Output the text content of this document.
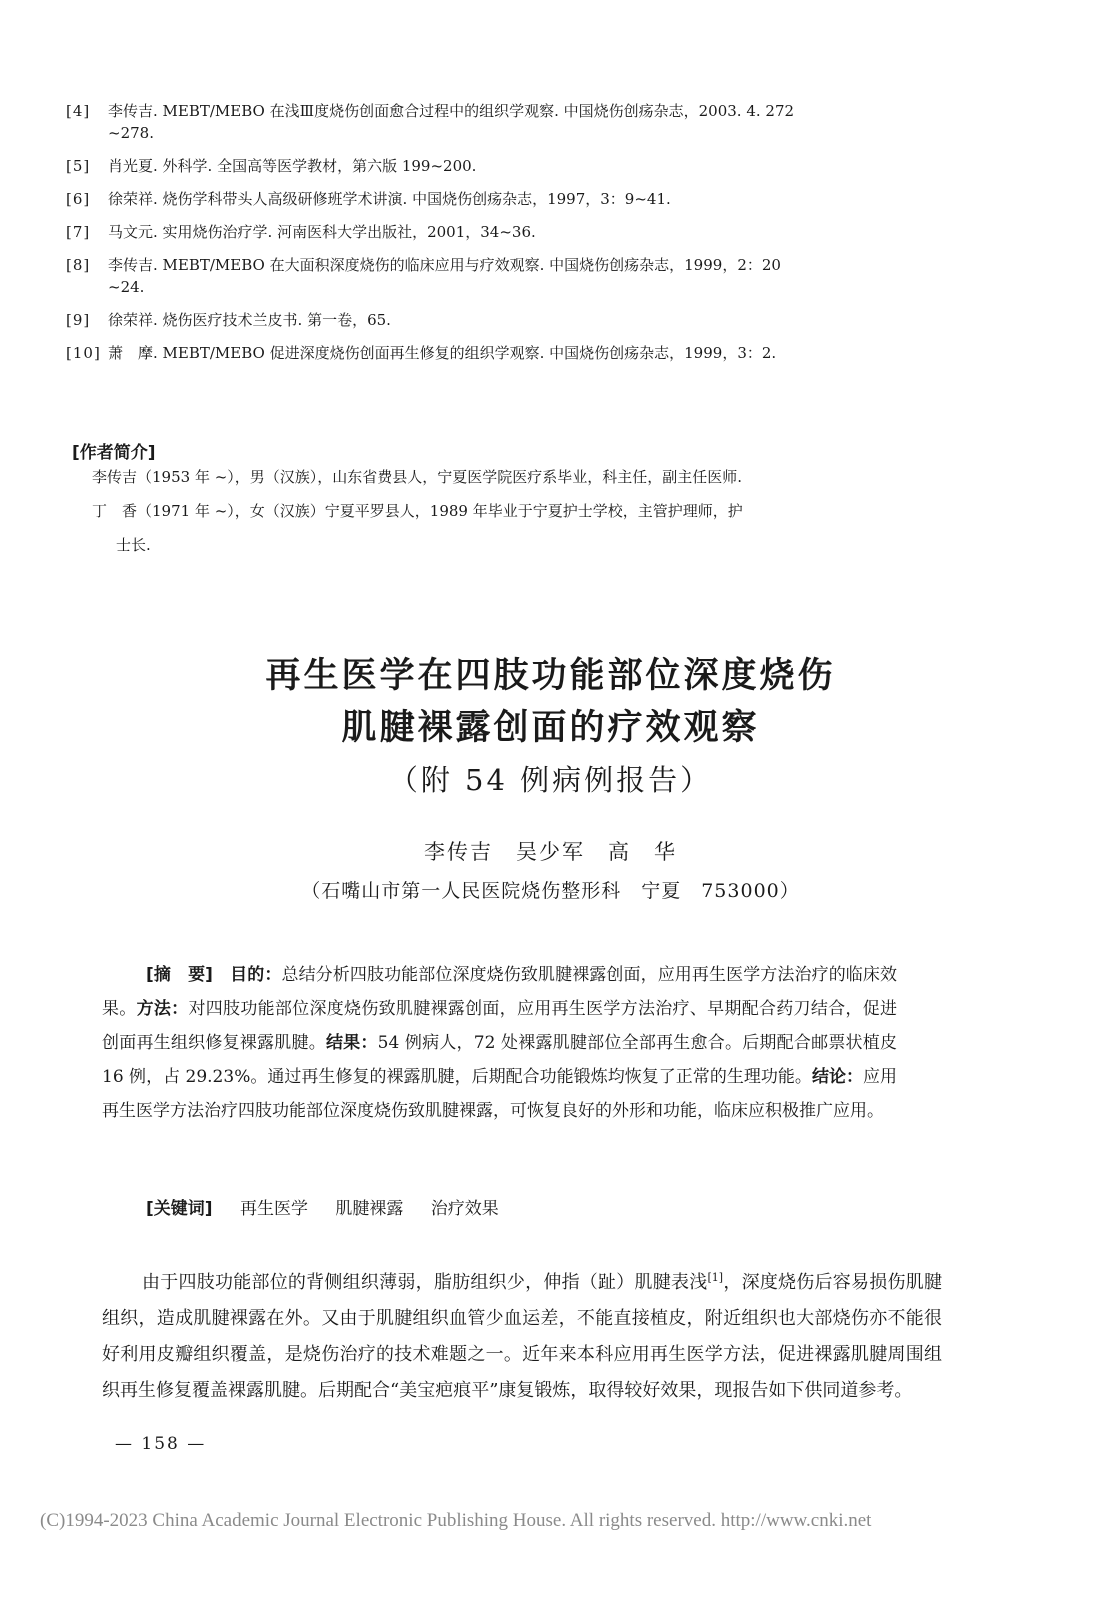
[4]	李传吉. MEBT/MEBO 在浅Ⅲ度烧伤创面愈合过程中的组织学观察. 中国烧伤创疡杂志，2003. 4. 272
~278.
[5]	肖光夏. 外科学. 全国高等医学教材，第六版 199~200.
[6]	徐荣祥. 烧伤学科带头人高级研修班学术讲演. 中国烧伤创疡杂志，1997，3：9~41.
[7]	马文元. 实用烧伤治疗学. 河南医科大学出版社，2001，34~36.
[8]	李传吉. MEBT/MEBO 在大面积深度烧伤的临床应用与疗效观察. 中国烧伤创疡杂志，1999，2：20
~24.
[9]	徐荣祥. 烧伤医疗技术兰皮书. 第一卷，65.
[10] 萧　摩. MEBT/MEBO 促进深度烧伤创面再生修复的组织学观察. 中国烧伤创疡杂志，1999，3：2.
[作者简介]
李传吉（1953 年 ~），男（汉族），山东省费县人，宁夏医学院医疗系毕业，科主任，副主任医师.
丁　香（1971 年 ~），女（汉族）宁夏平罗县人，1989 年毕业于宁夏护士学校，主管护理师，护
士长.
再生医学在四肢功能部位深度烧伤
肌腱裸露创面的疗效观察
（附 54 例病例报告）
李传吉　吴少军　高　华
（石嘴山市第一人民医院烧伤整形科　宁夏　753000）
[摘　要]　 目的：总结分析四肢功能部位深度烧伤致肌腱裸露创面，应用再生医学方法治疗的临床效果。方法：对四肢功能部位深度烧伤致肌腱裸露创面，应用再生医学方法治疗、早期配合药刀结合，促进创面再生组织修复裸露肌腱。结果：54 例病人，72 处裸露肌腱部位全部再生愈合。后期配合邮票状植皮 16 例，占 29.23%。通过再生修复的裸露肌腱，后期配合功能锻炼均恢复了正常的生理功能。结论：应用再生医学方法治疗四肢功能部位深度烧伤致肌腱裸露，可恢复良好的外形和功能，临床应积极推广应用。
[关键词] 再生医学 肌腱裸露 治疗效果
由于四肢功能部位的背侧组织薄弱，脂肪组织少，伸指（趾）肌腱表浅[1]，深度烧伤后容易损伤肌腱组织，造成肌腱裸露在外。又由于肌腱组织血管少血运差，不能直接植皮，附近组织也大部烧伤亦不能很好利用皮瓣组织覆盖，是烧伤治疗的技术难题之一。近年来本科应用再生医学方法，促进裸露肌腱周围组织再生修复覆盖裸露肌腱。后期配合“美宝疤痕平”康复锻炼，取得较好效果，现报告如下供同道参考。
— 158 —
(C)1994-2023 China Academic Journal Electronic Publishing House. All rights reserved. http://www.cnki.net
